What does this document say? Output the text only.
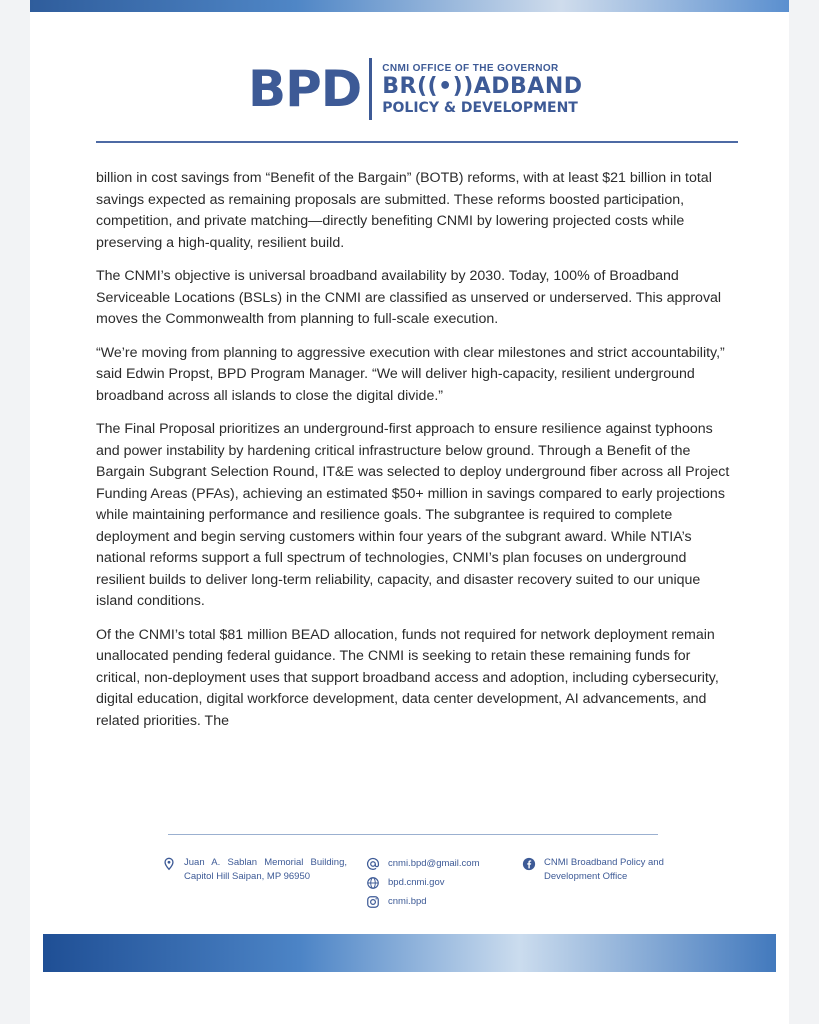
BPD CNMI OFFICE OF THE GOVERNOR
BR((•))ADBAND
POLICY & DEVELOPMENT

billion in cost savings from “Benefit of the Bargain” (BOTB) reforms, with at least $21 billion in total savings expected as remaining proposals are submitted. These reforms boosted participation, competition, and private matching—directly benefiting CNMI by lowering projected costs while preserving a high-quality, resilient build.

The CNMI’s objective is universal broadband availability by 2030. Today, 100% of Broadband Serviceable Locations (BSLs) in the CNMI are classified as unserved or underserved. This approval moves the Commonwealth from planning to full-scale execution.

“We’re moving from planning to aggressive execution with clear milestones and strict accountability,” said Edwin Propst, BPD Program Manager. “We will deliver high-capacity, resilient underground broadband across all islands to close the digital divide.”

The Final Proposal prioritizes an underground-first approach to ensure resilience against typhoons and power instability by hardening critical infrastructure below ground. Through a Benefit of the Bargain Subgrant Selection Round, IT&E was selected to deploy underground fiber across all Project Funding Areas (PFAs), achieving an estimated $50+ million in savings compared to early projections while maintaining performance and resilience goals. The subgrantee is required to complete deployment and begin serving customers within four years of the subgrant award. While NTIA’s national reforms support a full spectrum of technologies, CNMI’s plan focuses on underground resilient builds to deliver long-term reliability, capacity, and disaster recovery suited to our unique island conditions.

Of the CNMI’s total $81 million BEAD allocation, funds not required for network deployment remain unallocated pending federal guidance. The CNMI is seeking to retain these remaining funds for critical, non-deployment uses that support broadband access and adoption, including cybersecurity, digital education, digital workforce development, data center development, AI advancements, and related priorities. The

Juan A. Sablan Memorial Building, Capitol Hill Saipan, MP 96950
cnmi.bpd@gmail.com
bpd.cnmi.gov
cnmi.bpd
CNMI Broadband Policy and Development Office
